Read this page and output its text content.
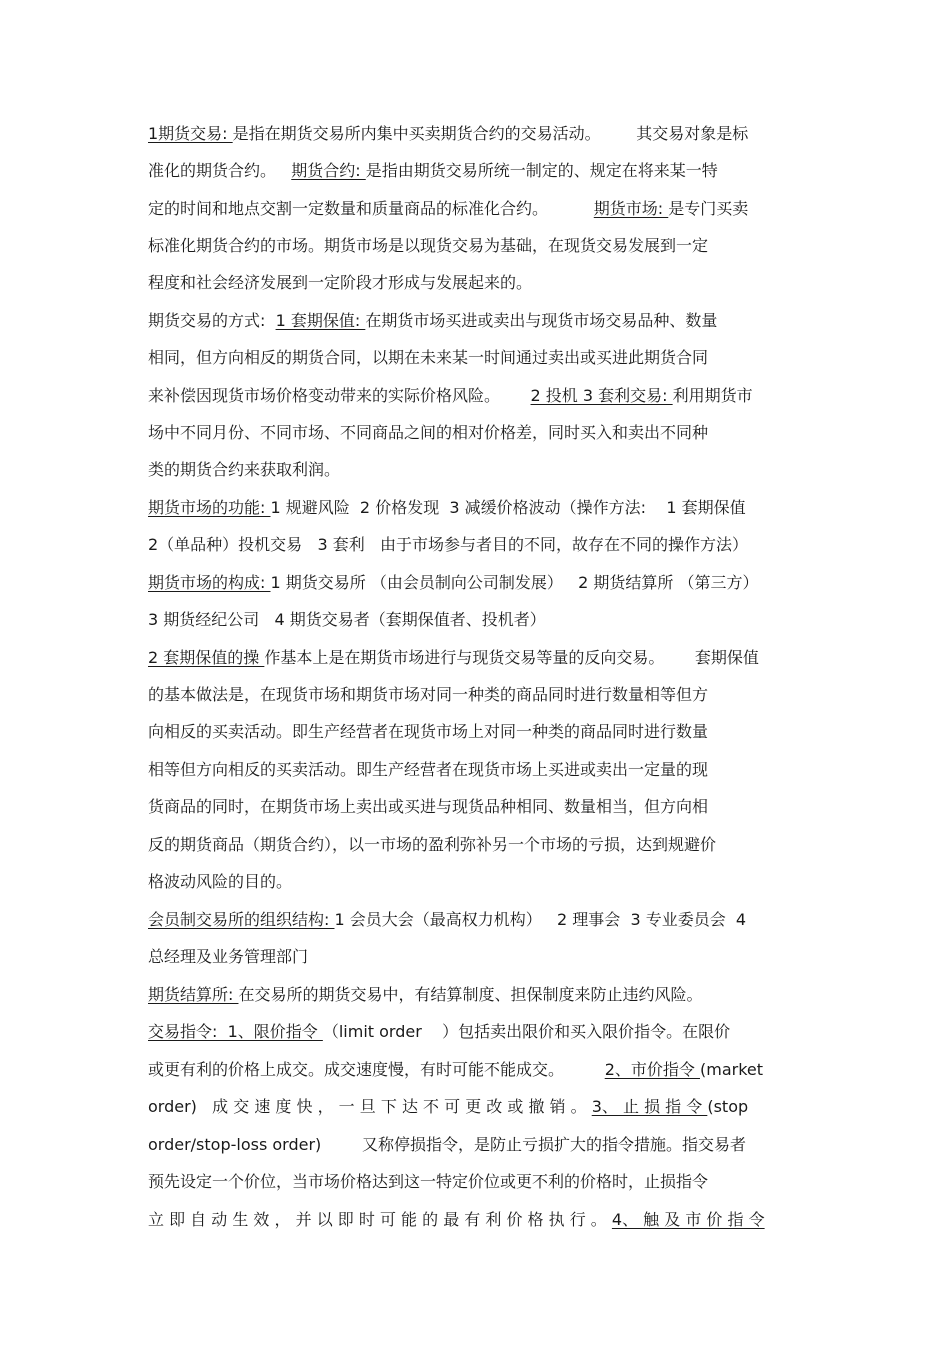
1期货交易: 是指在期货交易所内集中买卖期货合约的交易活动。       其交易对象是标
准化的期货合约。   期货合约: 是指由期货交易所统一制定的、规定在将来某一特
定的时间和地点交割一定数量和质量商品的标准化合约。         期货市场: 是专门买卖
标准化期货合约的市场。期货市场是以现货交易为基础，在现货交易发展到一定
程度和社会经济发展到一定阶段才形成与发展起来的。
期货交易的方式:  1 套期保值: 在期货市场买进或卖出与现货市场交易品种、数量
相同，但方向相反的期货合同，以期在未来某一时间通过卖出或买进此期货合同
来补偿因现货市场价格变动带来的实际价格风险。      2 投机 3 套利交易: 利用期货市
场中不同月份、不同市场、不同商品之间的相对价格差，同时买入和卖出不同种
类的期货合约来获取利润。
期货市场的功能: 1 规避风险  2 价格发现  3 减缓价格波动（操作方法:    1 套期保值
2（单品种）投机交易   3 套利   由于市场参与者目的不同，故存在不同的操作方法）
期货市场的构成: 1 期货交易所 （由会员制向公司制发展）   2 期货结算所 （第三方）
3 期货经纪公司   4 期货交易者（套期保值者、投机者）
2 套期保值的操 作基本上是在期货市场进行与现货交易等量的反向交易。      套期保值
的基本做法是，在现货市场和期货市场对同一种类的商品同时进行数量相等但方
向相反的买卖活动。即生产经营者在现货市场上对同一种类的商品同时进行数量
相等但方向相反的买卖活动。即生产经营者在现货市场上买进或卖出一定量的现
货商品的同时，在期货市场上卖出或买进与现货品种相同、数量相当，但方向相
反的期货商品（期货合约），以一市场的盈利弥补另一个市场的亏损，达到规避价
格波动风险的目的。
会员制交易所的组织结构: 1 会员大会（最高权力机构）   2 理事会  3 专业委员会  4
总经理及业务管理部门
期货结算所: 在交易所的期货交易中，有结算制度、担保制度来防止违约风险。
交易指令:  1、限价指令 （limit order    ）包括卖出限价和买入限价指令。在限价
或更有利的价格上成交。成交速度慢，有时可能不能成交。        2、市价指令 (market
order)   成 交 速 度 快 ， 一 旦 下 达 不 可 更 改 或 撤 销 。 3、 止 损 指 令 (stop
order/stop-loss order)        又称停损指令，是防止亏损扩大的指令措施。指交易者
预先设定一个价位，当市场价格达到这一特定价位或更不利的价格时，止损指令
立 即 自 动 生 效 ， 并 以 即 时 可 能 的 最 有 利 价 格 执 行 。 4、 触 及 市 价 指 令
